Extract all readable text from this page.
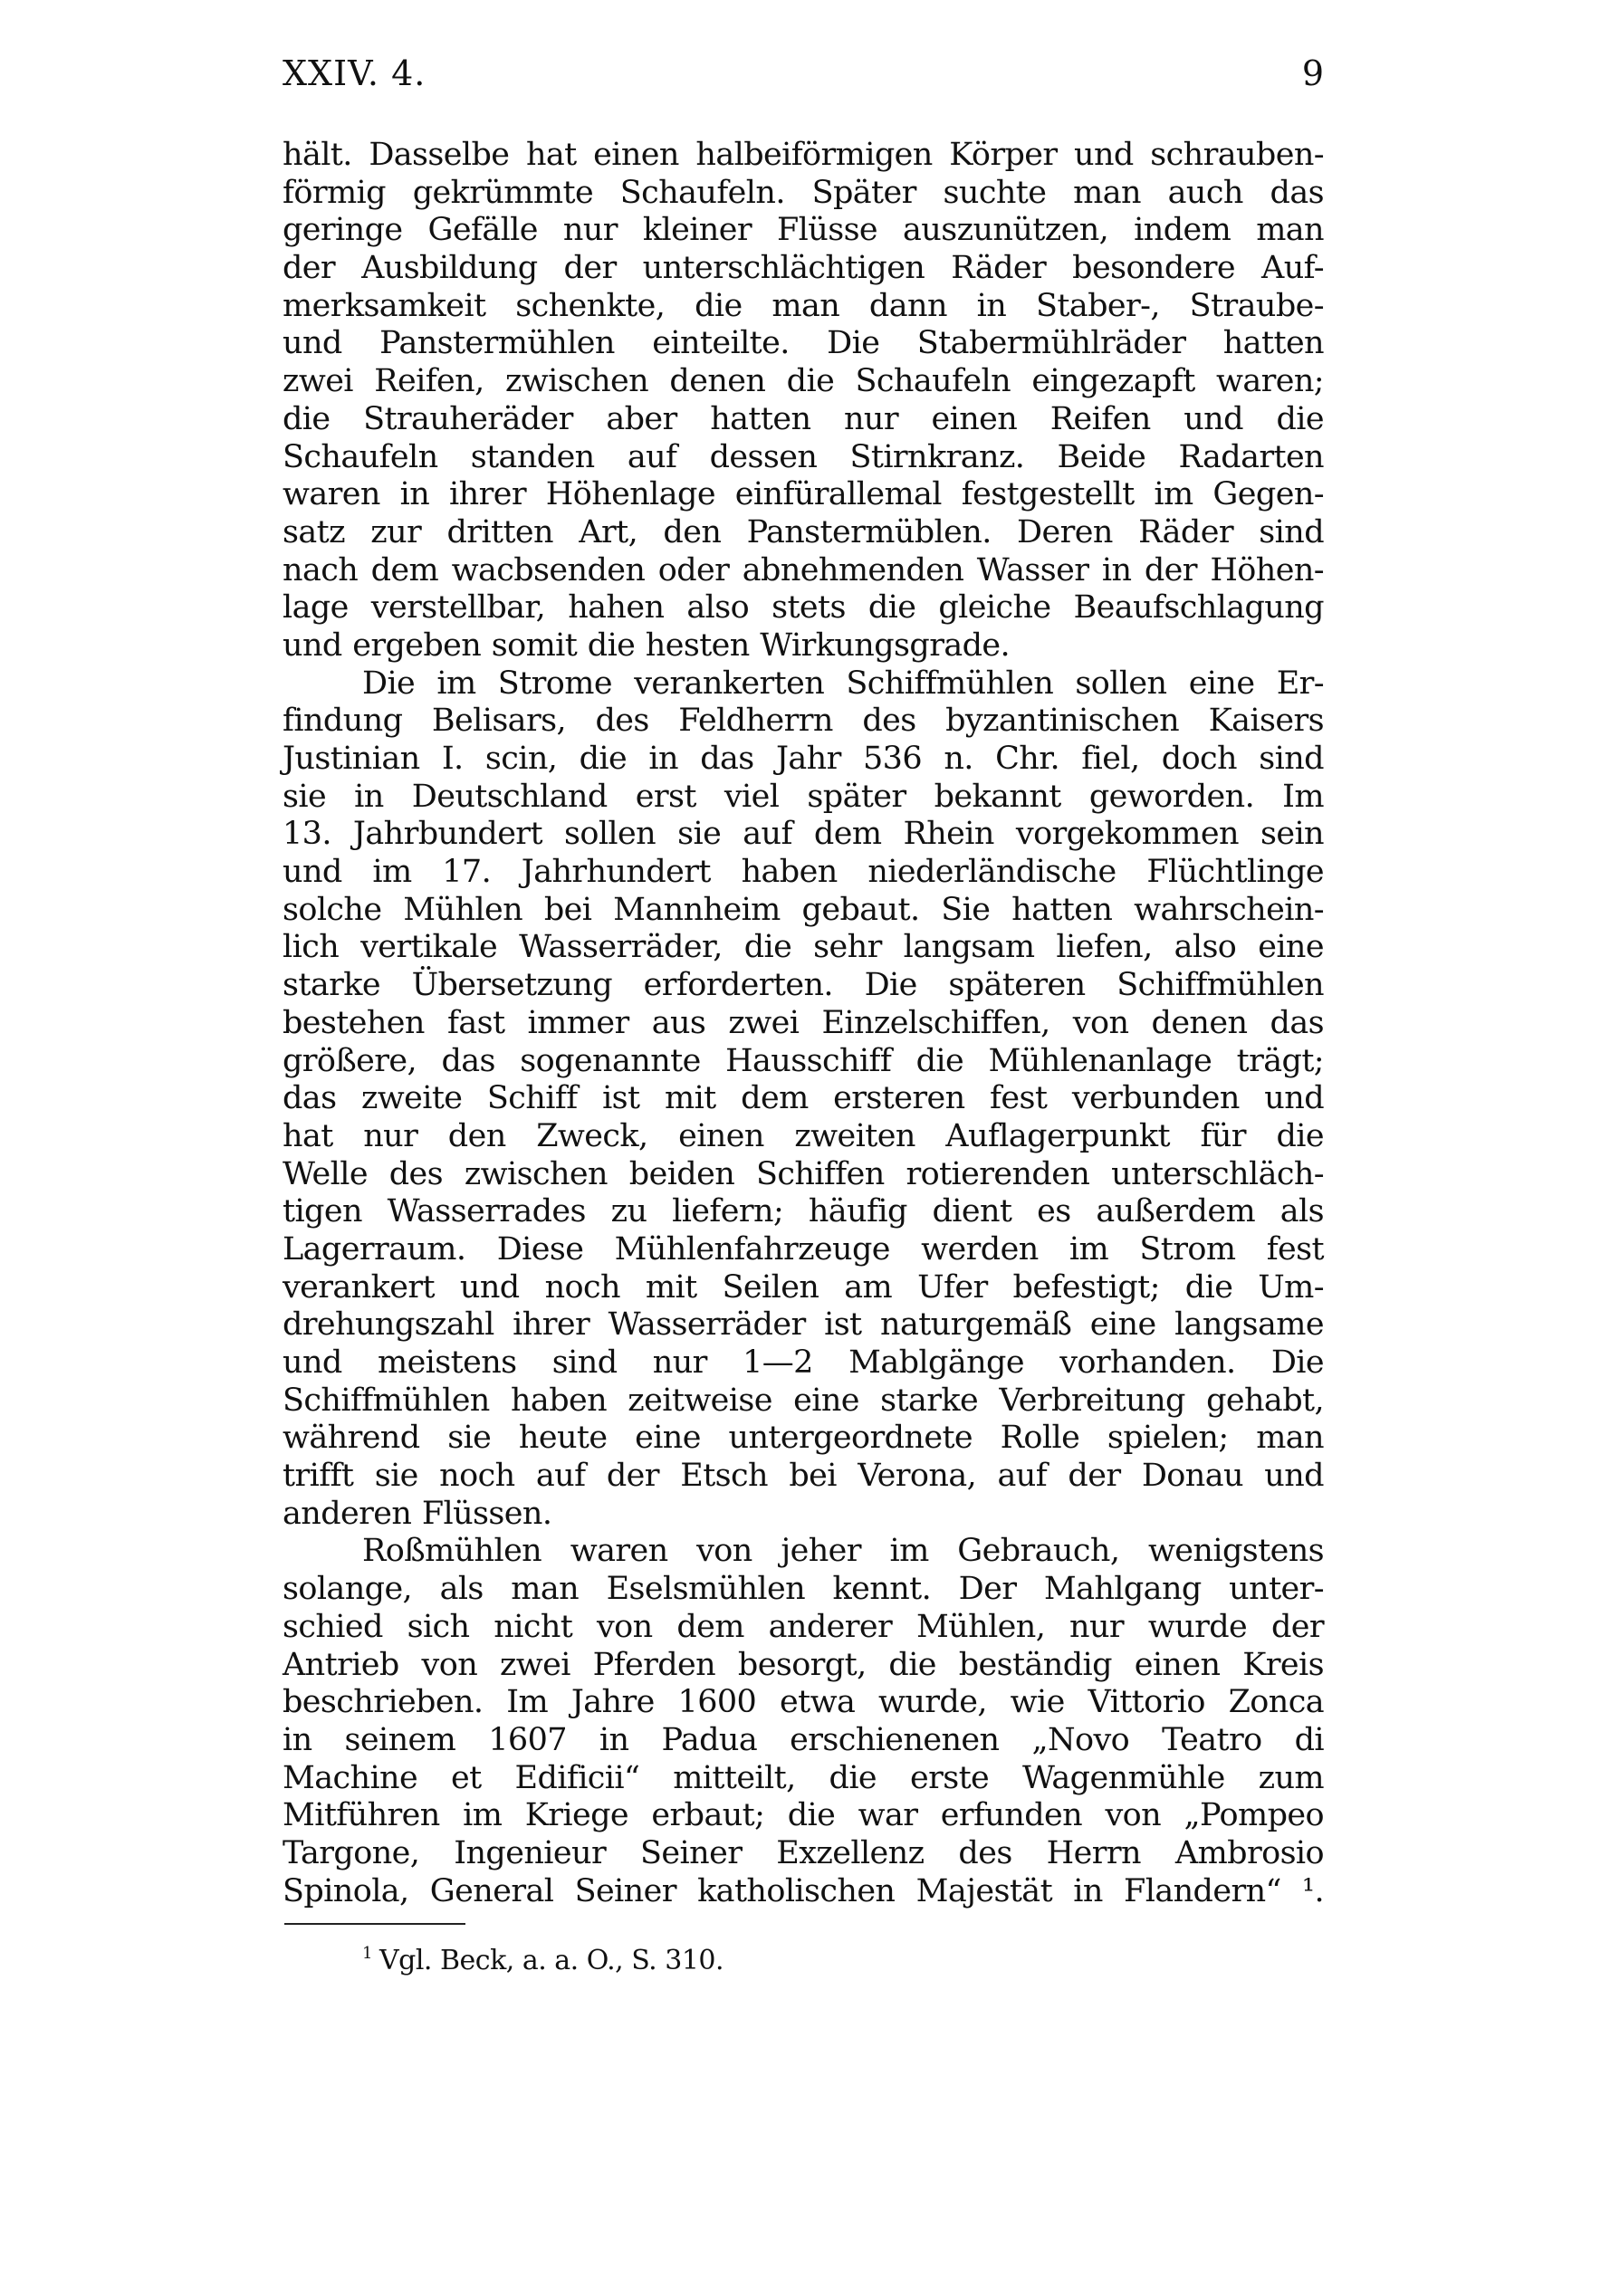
XXIV. 4.	9
hält. Dasselbe hat einen halbeiförmigen Körper und schrauben-
förmig gekrümmte Schaufeln. Später suchte man auch das
geringe Gefälle nur kleiner Flüsse auszunützen, indem man
der Ausbildung der unterschlächtigen Räder besondere Auf-
merksamkeit schenkte, die man dann in Staber-, Straube-
und Panstermühlen einteilte. Die Stabermühlräder hatten
zwei Reifen, zwischen denen die Schaufeln eingezapft waren;
die Strauheräder aber hatten nur einen Reifen und die
Schaufeln standen auf dessen Stirnkranz. Beide Radarten
waren in ihrer Höhenlage einfürallemal festgestellt im Gegen-
satz zur dritten Art, den Panstermüblen. Deren Räder sind
nach dem wacbsenden oder abnehmenden Wasser in der Höhen-
lage verstellbar, hahen also stets die gleiche Beaufschlagung
und ergeben somit die hesten Wirkungsgrade.
Die im Strome verankerten Schiffmühlen sollen eine Er-
findung Belisars, des Feldherrn des byzantinischen Kaisers
Justinian I. scin, die in das Jahr 536 n. Chr. fiel, doch sind
sie in Deutschland erst viel später bekannt geworden. Im
13. Jahrbundert sollen sie auf dem Rhein vorgekommen sein
und im 17. Jahrhundert haben niederländische Flüchtlinge
solche Mühlen bei Mannheim gebaut. Sie hatten wahrschein-
lich vertikale Wasserräder, die sehr langsam liefen, also eine
starke Übersetzung erforderten. Die späteren Schiffmühlen
bestehen fast immer aus zwei Einzelschiffen, von denen das
größere, das sogenannte Hausschiff die Mühlenanlage trägt;
das zweite Schiff ist mit dem ersteren fest verbunden und
hat nur den Zweck, einen zweiten Auflagerpunkt für die
Welle des zwischen beiden Schiffen rotierenden unterschläch-
tigen Wasserrades zu liefern; häufig dient es außerdem als
Lagerraum. Diese Mühlenfahrzeuge werden im Strom fest
verankert und noch mit Seilen am Ufer befestigt; die Um-
drehungszahl ihrer Wasserräder ist naturgemäß eine langsame
und meistens sind nur 1—2 Mablgänge vorhanden. Die
Schiffmühlen haben zeitweise eine starke Verbreitung gehabt,
während sie heute eine untergeordnete Rolle spielen; man
trifft sie noch auf der Etsch bei Verona, auf der Donau und
anderen Flüssen.
Roßmühlen waren von jeher im Gebrauch, wenigstens
solange, als man Eselsmühlen kennt. Der Mahlgang unter-
schied sich nicht von dem anderer Mühlen, nur wurde der
Antrieb von zwei Pferden besorgt, die beständig einen Kreis
beschrieben. Im Jahre 1600 etwa wurde, wie Vittorio Zonca
in seinem 1607 in Padua erschienenen „Novo Teatro di
Machine et Edificii“ mitteilt, die erste Wagenmühle zum
Mitführen im Kriege erbaut; die war erfunden von „Pompeo
Targone, Ingenieur Seiner Exzellenz des Herrn Ambrosio
Spinola, General Seiner katholischen Majestät in Flandern“ ¹.
$^1$ Vgl. Beck, a. a. O., S. 310.
